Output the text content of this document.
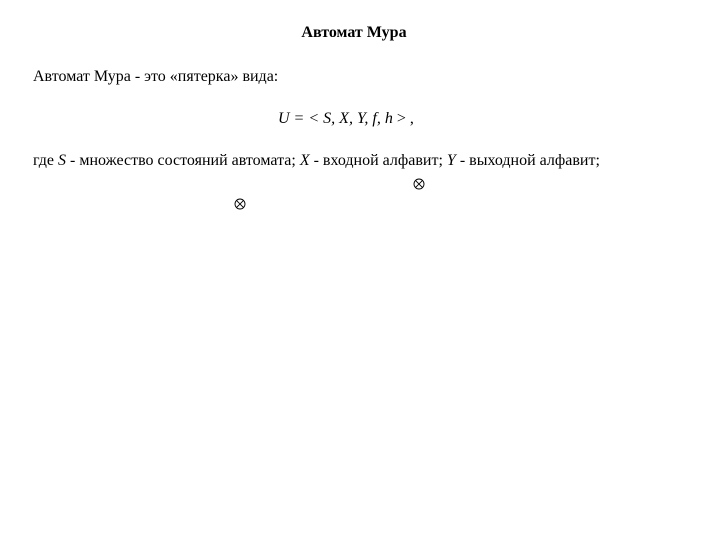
Автомат Мура
Автомат Мура - это «пятерка» вида:
U = < S, X, Y, f, h > ,
где S - множество состояний автомата; X - входной алфавит; Y - выходной алфавит;
